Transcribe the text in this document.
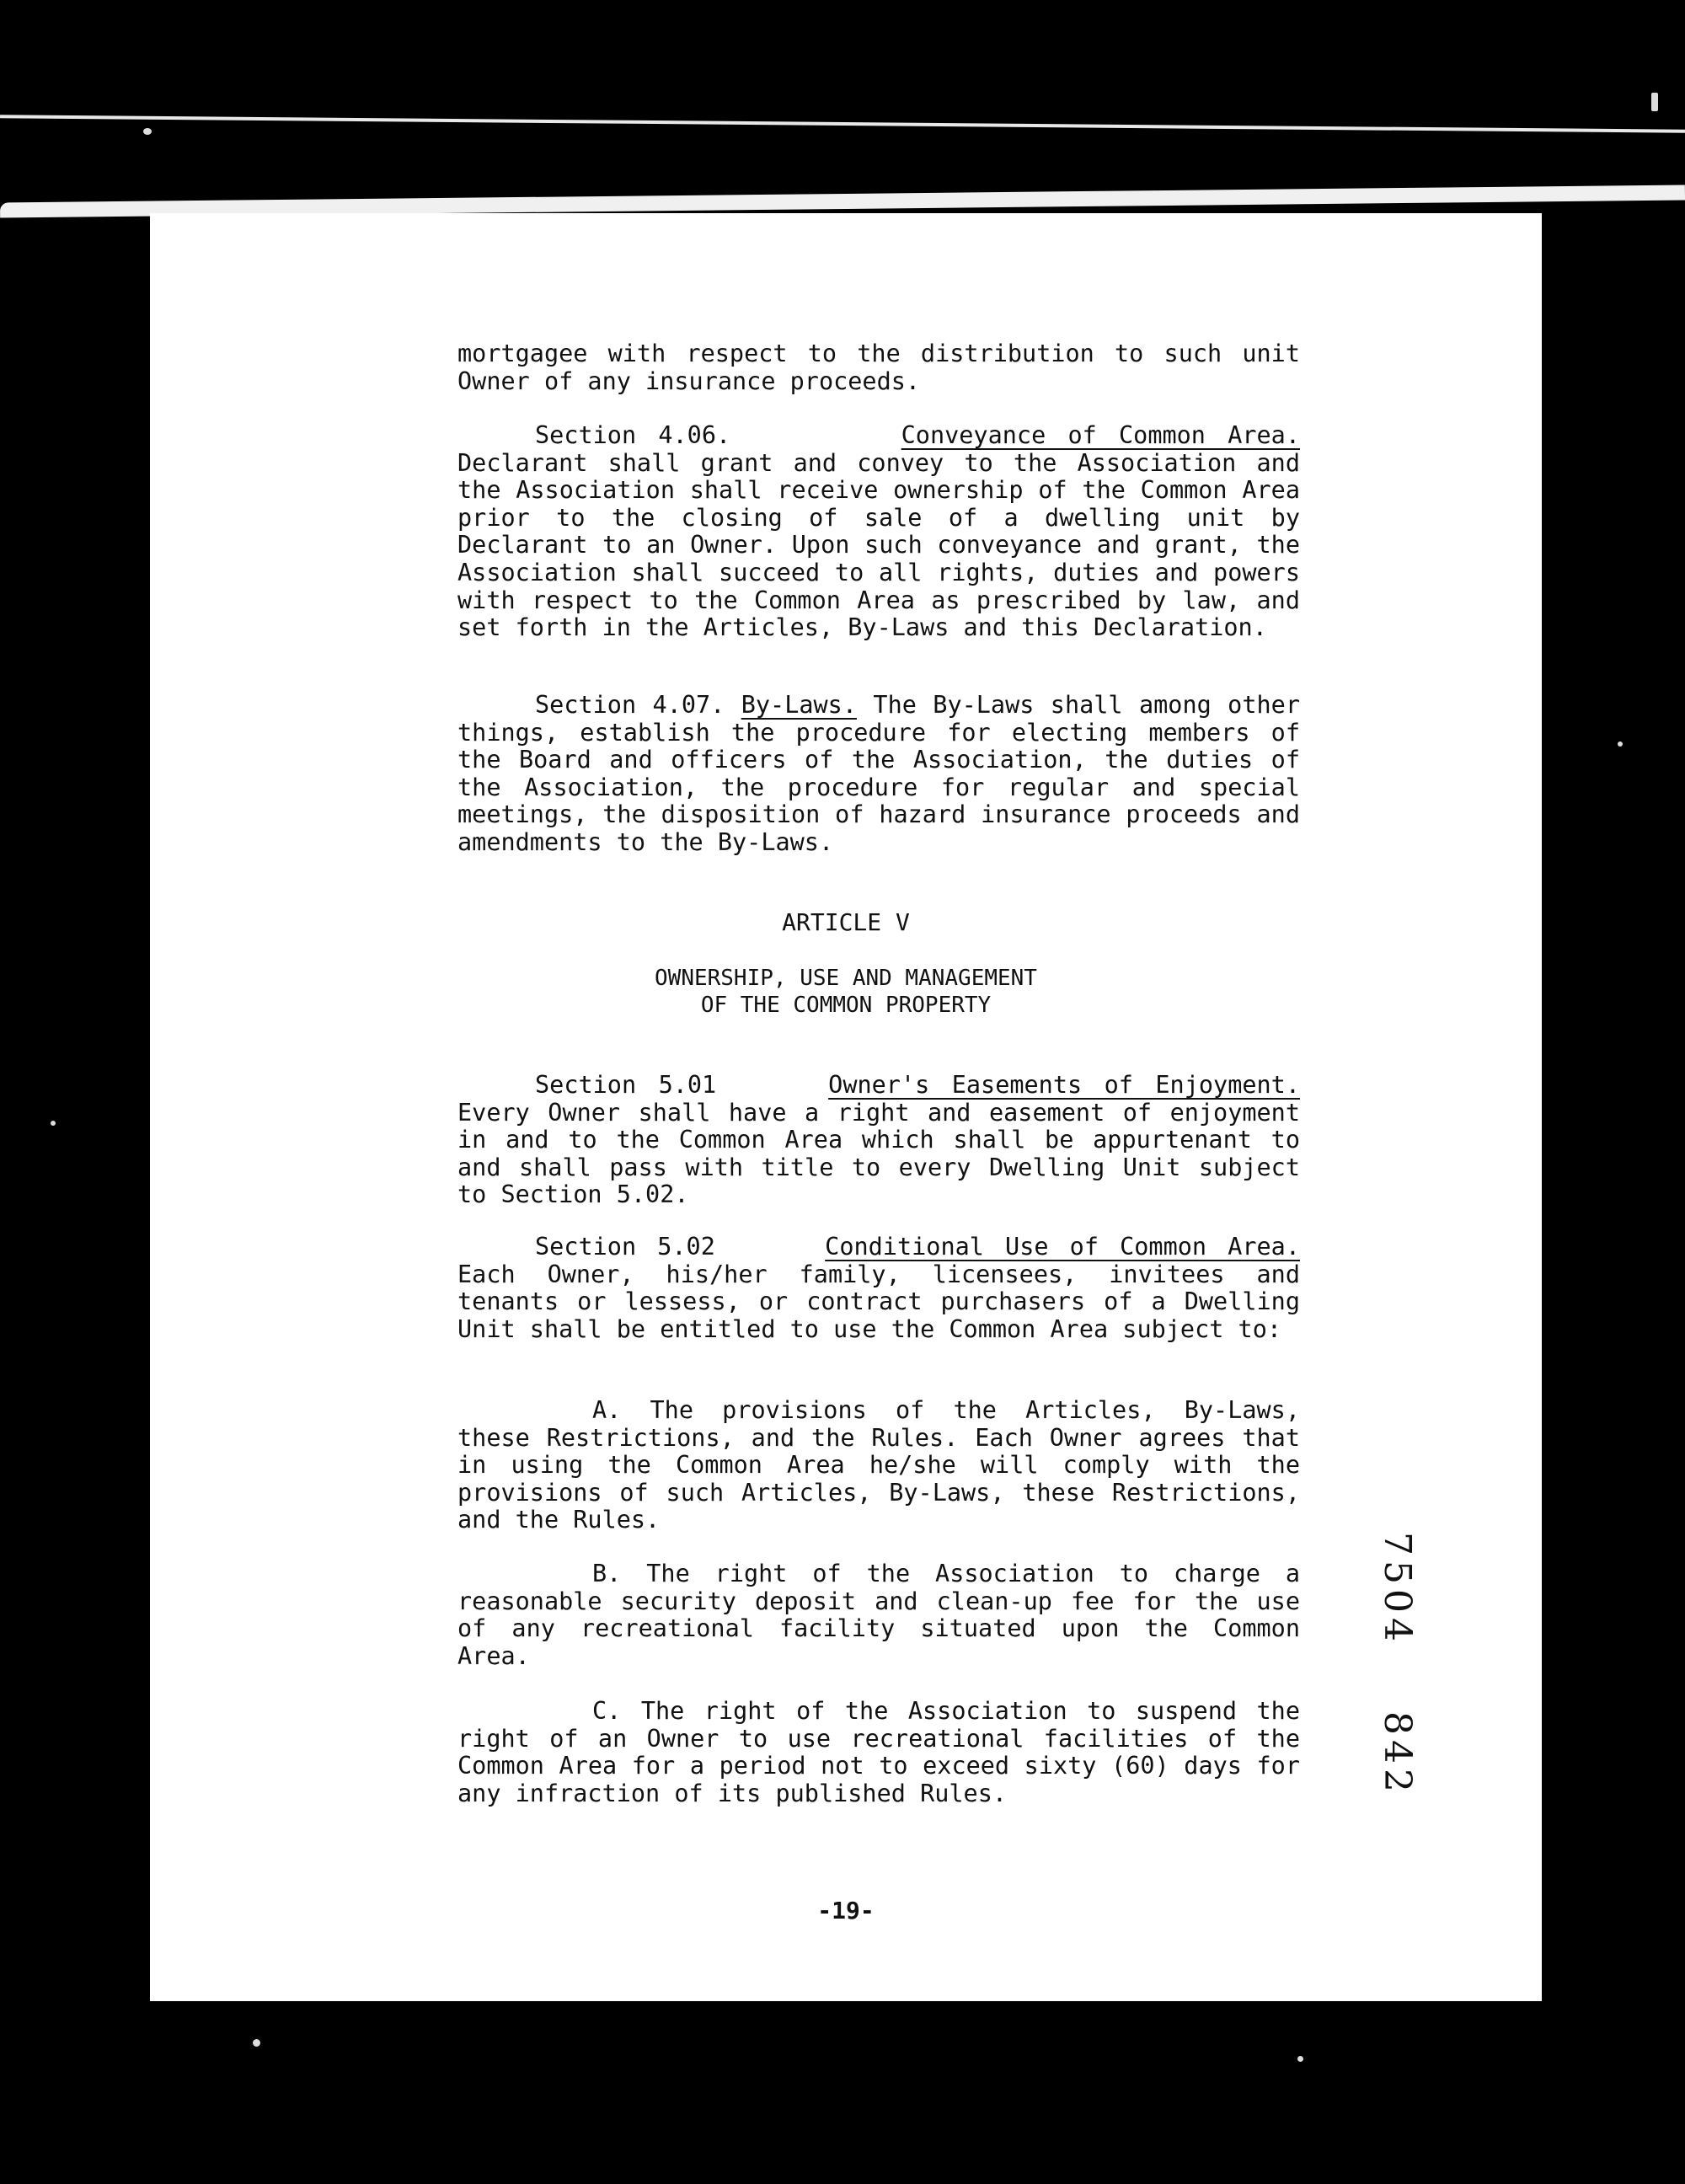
mortgagee with respect to the distribution to such unit Owner of any insurance proceeds.

Section 4.06.	Conveyance of Common Area. Declarant shall grant and convey to the Association and the Association shall receive ownership of the Common Area prior to the closing of sale of a dwelling unit by Declarant to an Owner. Upon such conveyance and grant, the Association shall succeed to all rights, duties and powers with respect to the Common Area as prescribed by law, and set forth in the Articles, By-Laws and this Declaration.

Section 4.07. By-Laws. The By-Laws shall among other things, establish the procedure for electing members of the Board and officers of the Association, the duties of the Association, the procedure for regular and special meetings, the disposition of hazard insurance proceeds and amendments to the By-Laws.

ARTICLE V

OWNERSHIP, USE AND MANAGEMENT

OF THE COMMON PROPERTY

Section 5.01	Owner's Easements of Enjoyment. Every Owner shall have a right and easement of enjoyment in and to the Common Area which shall be appurtenant to and shall pass with title to every Dwelling Unit subject to Section 5.02.

Section 5.02	Conditional Use of Common Area. Each Owner, his/her family, licensees, invitees and tenants or lessess, or contract purchasers of a Dwelling Unit shall be entitled to use the Common Area subject to:

A. The provisions of the Articles, By-Laws, these Restrictions, and the Rules. Each Owner agrees that in using the Common Area he/she will comply with the provisions of such Articles, By-Laws, these Restrictions, and the Rules.

B. The right of the Association to charge a reasonable security deposit and clean-up fee for the use of any recreational facility situated upon the Common Area.

C. The right of the Association to suspend the right of an Owner to use recreational facilities of the Common Area for a period not to exceed sixty (60) days for any infraction of its published Rules.

-19-
7504
842
